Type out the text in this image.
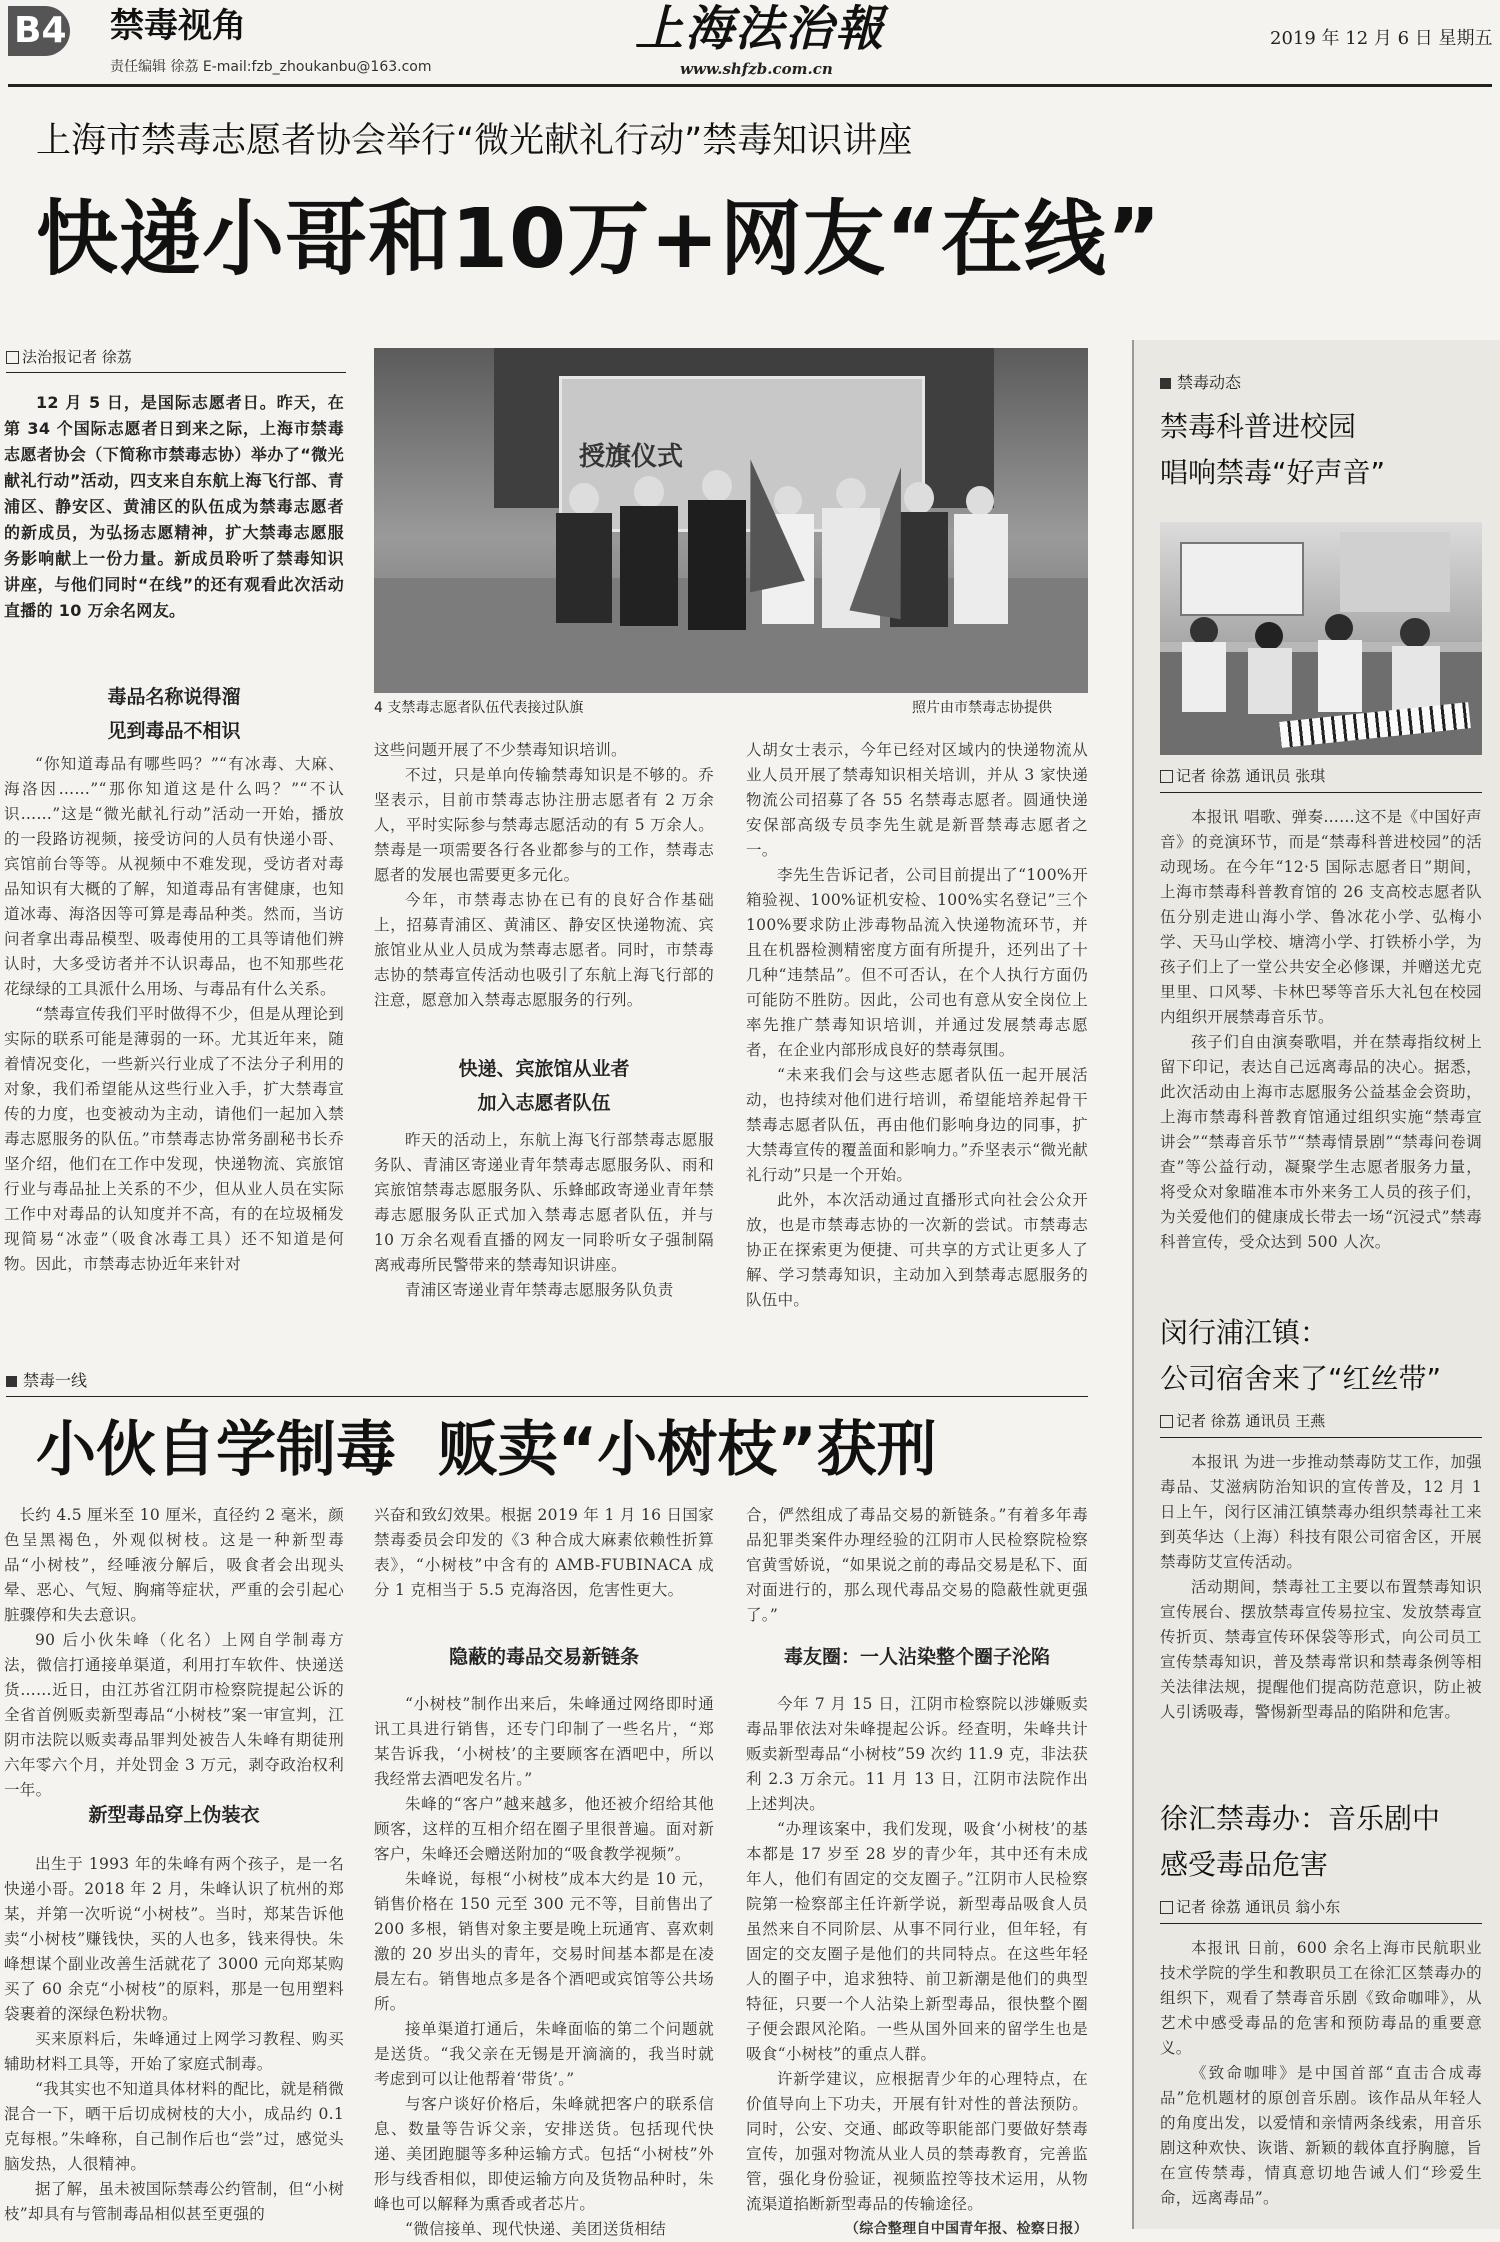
B4 禁毒视角
责任编辑 徐荔 E-mail:fzb_zhoukanbu@163.com
上海法治報
www.shfzb.com.cn
2019 年 12 月 6 日 星期五
上海市禁毒志愿者协会举行“微光献礼行动”禁毒知识讲座
快递小哥和10万+网友“在线”
法治报记者 徐荔

12 月 5 日，是国际志愿者日。昨天，在第 34 个国际志愿者日到来之际，上海市禁毒志愿者协会（下简称市禁毒志协）举办了“微光献礼行动”活动，四支来自东航上海飞行部、青浦区、静安区、黄浦区的队伍成为禁毒志愿者的新成员，为弘扬志愿精神，扩大禁毒志愿服务影响献上一份力量。新成员聆听了禁毒知识讲座，与他们同时“在线”的还有观看此次活动直播的 10 万余名网友。

授旗仪式
4 支禁毒志愿者队伍代表接过队旗	照片由市禁毒志协提供
毒品名称说得溜
见到毒品不相识

“你知道毒品有哪些吗？”“有冰毒、大麻、海洛因……”“那你知道这是什么吗？”“不认识……”这是“微光献礼行动”活动一开始，播放的一段路访视频，接受访问的人员有快递小哥、宾馆前台等等。从视频中不难发现，受访者对毒品知识有大概的了解，知道毒品有害健康，也知道冰毒、海洛因等可算是毒品种类。然而，当访问者拿出毒品模型、吸毒使用的工具等请他们辨认时，大多受访者并不认识毒品，也不知那些花花绿绿的工具派什么用场、与毒品有什么关系。

“禁毒宣传我们平时做得不少，但是从理论到实际的联系可能是薄弱的一环。尤其近年来，随着情况变化，一些新兴行业成了不法分子利用的对象，我们希望能从这些行业入手，扩大禁毒宣传的力度，也变被动为主动，请他们一起加入禁毒志愿服务的队伍。”市禁毒志协常务副秘书长乔坚介绍，他们在工作中发现，快递物流、宾旅馆行业与毒品扯上关系的不少，但从业人员在实际工作中对毒品的认知度并不高，有的在垃圾桶发现简易“冰壶”（吸食冰毒工具）还不知道是何物。因此，市禁毒志协近年来针对

这些问题开展了不少禁毒知识培训。

不过，只是单向传输禁毒知识是不够的。乔坚表示，目前市禁毒志协注册志愿者有 2 万余人，平时实际参与禁毒志愿活动的有 5 万余人。禁毒是一项需要各行各业都参与的工作，禁毒志愿者的发展也需要更多元化。

今年，市禁毒志协在已有的良好合作基础上，招募青浦区、黄浦区、静安区快递物流、宾旅馆业从业人员成为禁毒志愿者。同时，市禁毒志协的禁毒宣传活动也吸引了东航上海飞行部的注意，愿意加入禁毒志愿服务的行列。

快递、宾旅馆从业者
加入志愿者队伍

昨天的活动上，东航上海飞行部禁毒志愿服务队、青浦区寄递业青年禁毒志愿服务队、雨和宾旅馆禁毒志愿服务队、乐蜂邮政寄递业青年禁毒志愿服务队正式加入禁毒志愿者队伍，并与 10 万余名观看直播的网友一同聆听女子强制隔离戒毒所民警带来的禁毒知识讲座。

青浦区寄递业青年禁毒志愿服务队负责

人胡女士表示，今年已经对区域内的快递物流从业人员开展了禁毒知识相关培训，并从 3 家快递物流公司招募了各 55 名禁毒志愿者。圆通快递安保部高级专员李先生就是新晋禁毒志愿者之一。

李先生告诉记者，公司目前提出了“100%开箱验视、100%证机安检、100%实名登记”三个 100%要求防止涉毒物品流入快递物流环节，并且在机器检测精密度方面有所提升，还列出了十几种“违禁品”。但不可否认，在个人执行方面仍可能防不胜防。因此，公司也有意从安全岗位上率先推广禁毒知识培训，并通过发展禁毒志愿者，在企业内部形成良好的禁毒氛围。

“未来我们会与这些志愿者队伍一起开展活动，也持续对他们进行培训，希望能培养起骨干禁毒志愿者队伍，再由他们影响身边的同事，扩大禁毒宣传的覆盖面和影响力。”乔坚表示“微光献礼行动”只是一个开始。

此外，本次活动通过直播形式向社会公众开放，也是市禁毒志协的一次新的尝试。市禁毒志协正在探索更为便捷、可共享的方式让更多人了解、学习禁毒知识，主动加入到禁毒志愿服务的队伍中。

禁毒一线
小伙自学制毒  贩卖“小树枝”获刑

长约 4.5 厘米至 10 厘米，直径约 2 毫米，颜色呈黑褐色，外观似树枝。这是一种新型毒品“小树枝”，经唾液分解后，吸食者会出现头晕、恶心、气短、胸痛等症状，严重的会引起心脏骤停和失去意识。

90 后小伙朱峰（化名）上网自学制毒方法，微信打通接单渠道，利用打车软件、快递送货……近日，由江苏省江阴市检察院提起公诉的全省首例贩卖新型毒品“小树枝”案一审宣判，江阴市法院以贩卖毒品罪判处被告人朱峰有期徒刑六年零六个月，并处罚金 3 万元，剥夺政治权利一年。

新型毒品穿上伪装衣

出生于 1993 年的朱峰有两个孩子，是一名快递小哥。2018 年 2 月，朱峰认识了杭州的郑某，并第一次听说“小树枝”。当时，郑某告诉他卖“小树枝”赚钱快，买的人也多，钱来得快。朱峰想谋个副业改善生活就花了 3000 元向郑某购买了 60 余克“小树枝”的原料，那是一包用塑料袋裹着的深绿色粉状物。

买来原料后，朱峰通过上网学习教程、购买辅助材料工具等，开始了家庭式制毒。

“我其实也不知道具体材料的配比，就是稍微混合一下，晒干后切成树枝的大小，成品约 0.1 克每根。”朱峰称，自己制作后也“尝”过，感觉头脑发热，人很精神。

据了解，虽未被国际禁毒公约管制，但“小树枝”却具有与管制毒品相似甚至更强的

兴奋和致幻效果。根据 2019 年 1 月 16 日国家禁毒委员会印发的《3 种合成大麻素依赖性折算表》，“小树枝”中含有的 AMB-FUBINACA 成分 1 克相当于 5.5 克海洛因，危害性更大。

隐蔽的毒品交易新链条

“小树枝”制作出来后，朱峰通过网络即时通讯工具进行销售，还专门印制了一些名片，“郑某告诉我，‘小树枝’的主要顾客在酒吧中，所以我经常去酒吧发名片。”

朱峰的“客户”越来越多，他还被介绍给其他顾客，这样的互相介绍在圈子里很普遍。面对新客户，朱峰还会赠送附加的“吸食教学视频”。

朱峰说，每根“小树枝”成本大约是 10 元，销售价格在 150 元至 300 元不等，目前售出了 200 多根，销售对象主要是晚上玩通宵、喜欢刺激的 20 岁出头的青年，交易时间基本都是在凌晨左右。销售地点多是各个酒吧或宾馆等公共场所。

接单渠道打通后，朱峰面临的第二个问题就是送货。“我父亲在无锡是开滴滴的，我当时就考虑到可以让他帮着‘带货’。”

与客户谈好价格后，朱峰就把客户的联系信息、数量等告诉父亲，安排送货。包括现代快递、美团跑腿等多种运输方式。包括“小树枝”外形与线香相似，即使运输方向及货物品种时，朱峰也可以解释为熏香或者芯片。

“微信接单、现代快递、美团送货相结

合，俨然组成了毒品交易的新链条。”有着多年毒品犯罪类案件办理经验的江阴市人民检察院检察官黄雪娇说，“如果说之前的毒品交易是私下、面对面进行的，那么现代毒品交易的隐蔽性就更强了。”

毒友圈：一人沾染整个圈子沦陷

今年 7 月 15 日，江阴市检察院以涉嫌贩卖毒品罪依法对朱峰提起公诉。经查明，朱峰共计贩卖新型毒品“小树枝”59 次约 11.9 克，非法获利 2.3 万余元。11 月 13 日，江阴市法院作出上述判决。

“办理该案中，我们发现，吸食‘小树枝’的基本都是 17 岁至 28 岁的青少年，其中还有未成年人，他们有固定的交友圈子。”江阴市人民检察院第一检察部主任许新学说，新型毒品吸食人员虽然来自不同阶层、从事不同行业，但年轻，有固定的交友圈子是他们的共同特点。在这些年轻人的圈子中，追求独特、前卫新潮是他们的典型特征，只要一个人沾染上新型毒品，很快整个圈子便会跟风沦陷。一些从国外回来的留学生也是吸食“小树枝”的重点人群。

许新学建议，应根据青少年的心理特点，在价值导向上下功夫，开展有针对性的普法预防。同时，公安、交通、邮政等职能部门要做好禁毒宣传，加强对物流从业人员的禁毒教育，完善监管，强化身份验证，视频监控等技术运用，从物流渠道掐断新型毒品的传输途径。

（综合整理自中国青年报、检察日报）

禁毒动态
禁毒科普进校园
唱响禁毒“好声音”
记者 徐荔 通讯员 张琪

本报讯 唱歌、弹奏……这不是《中国好声音》的竞演环节，而是“禁毒科普进校园”的活动现场。在今年“12·5 国际志愿者日”期间，上海市禁毒科普教育馆的 26 支高校志愿者队伍分别走进山海小学、鲁冰花小学、弘梅小学、天马山学校、塘湾小学、打铁桥小学，为孩子们上了一堂公共安全必修课，并赠送尤克里里、口风琴、卡林巴琴等音乐大礼包在校园内组织开展禁毒音乐节。

孩子们自由演奏歌唱，并在禁毒指纹树上留下印记，表达自己远离毒品的决心。据悉，此次活动由上海市志愿服务公益基金会资助，上海市禁毒科普教育馆通过组织实施“禁毒宣讲会”“禁毒音乐节”“禁毒情景剧”“禁毒问卷调查”等公益行动，凝聚学生志愿者服务力量，将受众对象瞄准本市外来务工人员的孩子们，为关爱他们的健康成长带去一场“沉浸式”禁毒科普宣传，受众达到 500 人次。

闵行浦江镇：
公司宿舍来了“红丝带”
记者 徐荔 通讯员 王燕

本报讯 为进一步推动禁毒防艾工作，加强毒品、艾滋病防治知识的宣传普及，12 月 1 日上午，闵行区浦江镇禁毒办组织禁毒社工来到英华达（上海）科技有限公司宿舍区，开展禁毒防艾宣传活动。

活动期间，禁毒社工主要以布置禁毒知识宣传展台、摆放禁毒宣传易拉宝、发放禁毒宣传折页、禁毒宣传环保袋等形式，向公司员工宣传禁毒知识，普及禁毒常识和禁毒条例等相关法律法规，提醒他们提高防范意识，防止被人引诱吸毒，警惕新型毒品的陷阱和危害。

徐汇禁毒办：音乐剧中
感受毒品危害
记者 徐荔 通讯员 翁小东

本报讯 日前，600 余名上海市民航职业技术学院的学生和教职员工在徐汇区禁毒办的组织下，观看了禁毒音乐剧《致命咖啡》，从艺术中感受毒品的危害和预防毒品的重要意义。

《致命咖啡》是中国首部“直击合成毒品”危机题材的原创音乐剧。该作品从年轻人的角度出发，以爱情和亲情两条线索，用音乐剧这种欢快、诙谐、新颖的载体直抒胸臆，旨在宣传禁毒，情真意切地告诫人们“珍爱生命，远离毒品”。
